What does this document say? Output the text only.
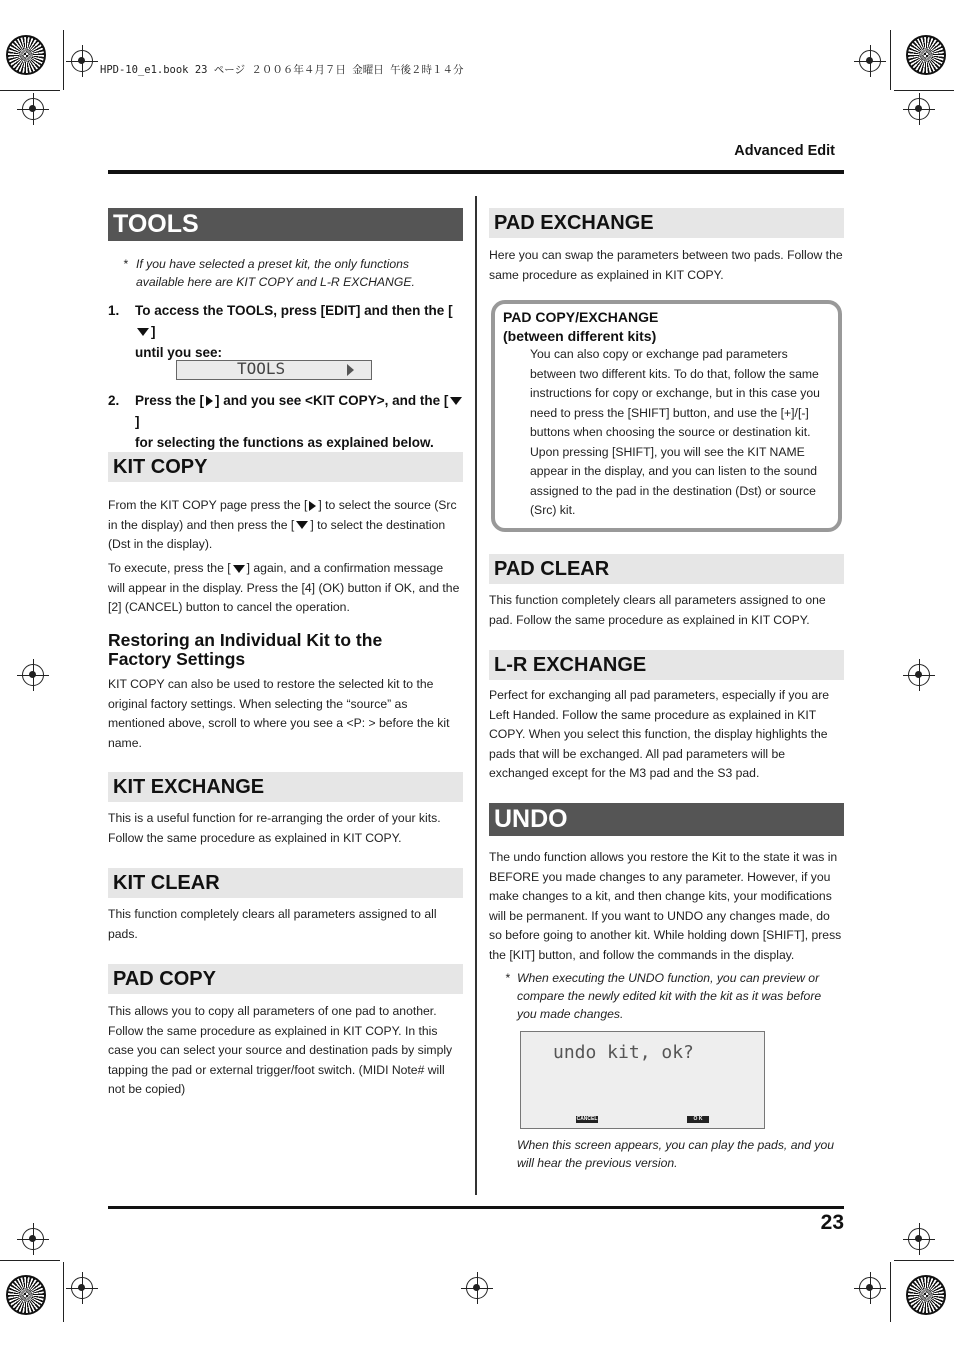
HPD-10_e1.book 23 ページ ２００６年４月７日 金曜日 午後２時１４分
Advanced Edit
TOOLS
* If you have selected a preset kit, the only functions available here are KIT COPY and L-R EXCHANGE.
1. To access the TOOLS, press [EDIT] and then the []
until you see:
TOOLS
2. Press the [ ] and you see <KIT COPY>, and the []
for selecting the functions as explained below.
KIT COPY
From the KIT COPY page press the [ ] to select the source (Src in the display) and then press the [ ] to select the destination (Dst in the display).
To execute, press the [ ] again, and a confirmation message will appear in the display. Press the [4] (OK) button if OK, and the [2] (CANCEL) button to cancel the operation.
Restoring an Individual Kit to the
Factory Settings
KIT COPY can also be used to restore the selected kit to the original factory settings. When selecting the “source” as mentioned above, scroll to where you see a <P: > before the kit name.
KIT EXCHANGE
This is a useful function for re-arranging the order of your kits. Follow the same procedure as explained in KIT COPY.
KIT CLEAR
This function completely clears all parameters assigned to all pads.
PAD COPY
This allows you to copy all parameters of one pad to another. Follow the same procedure as explained in KIT COPY. In this case you can select your source and destination pads by simply tapping the pad or external trigger/foot switch. (MIDI Note# will not be copied)
PAD EXCHANGE
Here you can swap the parameters between two pads. Follow the same procedure as explained in KIT COPY.
PAD COPY/EXCHANGE
(between different kits)
You can also copy or exchange pad parameters between two different kits. To do that, follow the same instructions for copy or exchange, but in this case you need to press the [SHIFT] button, and use the [+]/[-] buttons when choosing the source or destination kit. Upon pressing [SHIFT], you will see the KIT NAME appear in the display, and you can listen to the sound assigned to the pad in the destination (Dst) or source (Src) kit.
PAD CLEAR
This function completely clears all parameters assigned to one pad. Follow the same procedure as explained in KIT COPY.
L-R EXCHANGE
Perfect for exchanging all pad parameters, especially if you are Left Handed. Follow the same procedure as explained in KIT COPY. When you select this function, the display highlights the pads that will be exchanged. All pad parameters will be exchanged except for the M3 pad and the S3 pad.
UNDO
The undo function allows you restore the Kit to the state it was in BEFORE you made changes to any parameter. However, if you make changes to a kit, and then change kits, your modifications will be permanent. If you want to UNDO any changes made, do so before going to another kit. While holding down [SHIFT], press the [KIT] button, and follow the commands in the display.
* When executing the UNDO function, you can preview or compare the newly edited kit with the kit as it was before you made changes.
undo kit, ok?
CANCEL	O K
When this screen appears, you can play the pads, and you will hear the previous version.
23
